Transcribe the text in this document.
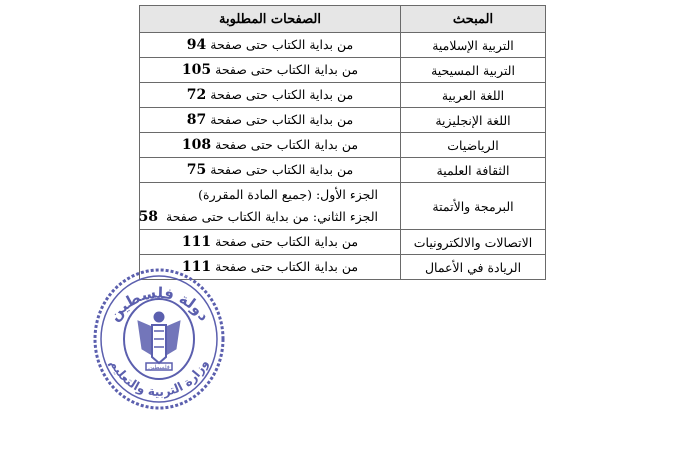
المبحث	الصفحات المطلوبة
التربية الإسلامية	من بداية الكتاب حتى صفحة 94
التربية المسيحية	من بداية الكتاب حتى صفحة 105
اللغة العربية	من بداية الكتاب حتى صفحة 72
اللغة الإنجليزية	من بداية الكتاب حتى صفحة 87
الرياضيات	من بداية الكتاب حتى صفحة 108
الثقافة العلمية	من بداية الكتاب حتى صفحة 75
البرمجة والأتمتة	الجزء الأول: (جميع المادة المقررة)
الجزء الثاني: من بداية الكتاب حتى صفحة  58

الاتصالات والالكترونيات	من بداية الكتاب حتى صفحة 111
الريادة في الأعمال	من بداية الكتاب حتى صفحة 111
دولة فلسطين
وزارة التربية والتعليم
فلسطين
